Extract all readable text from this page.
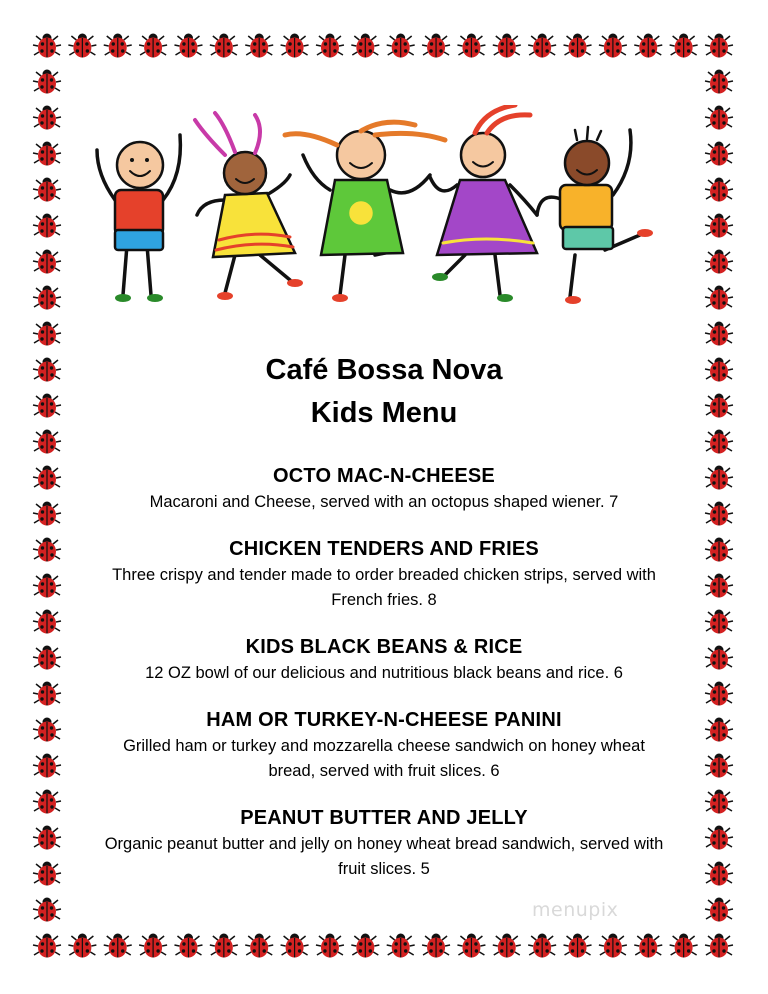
Café Bossa Nova
Kids Menu
OCTO MAC-N-CHEESE
Macaroni and Cheese, served with an octopus shaped wiener. 7
CHICKEN TENDERS AND FRIES
Three crispy and tender made to order breaded chicken strips, served with French fries. 8
KIDS BLACK BEANS & RICE
12 OZ bowl of our delicious and nutritious black beans and rice. 6
HAM OR TURKEY-N-CHEESE PANINI
Grilled ham or turkey and mozzarella cheese sandwich on honey wheat bread, served with fruit slices. 6
PEANUT BUTTER AND JELLY
Organic peanut butter and jelly on honey wheat bread sandwich, served with fruit slices. 5
menupix
